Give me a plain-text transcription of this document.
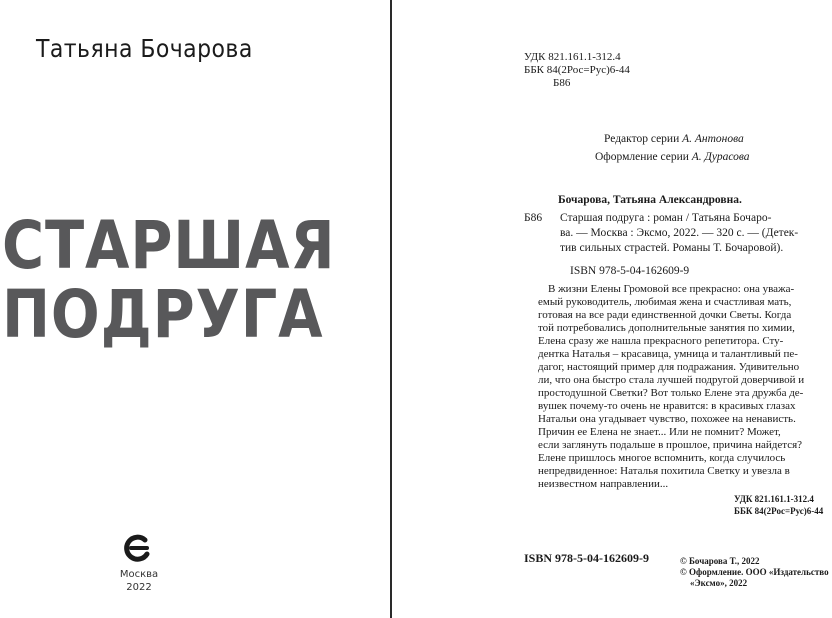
Татьяна Бочарова
СТАРШАЯ
ПОДРУГА
Москва
2022
УДК 821.161.1-312.4
ББК 84(2Рос=Рус)6-44
Б86
Редактор серии А. Антонова
Оформление серии А. Дурасова
Бочарова, Татьяна Александровна.
Б86 Старшая подруга : роман / Татьяна Бочаро-
ва. — Москва : Эксмо, 2022. — 320 с. — (Детек-
тив сильных страстей. Романы Т. Бочаровой).
ISBN 978-5-04-162609-9
В жизни Елены Громовой все прекрасно: она уважа-
емый руководитель, любимая жена и счастливая мать,
готовая на все ради единственной дочки Светы. Когда
той потребовались дополнительные занятия по химии,
Елена сразу же нашла прекрасного репетитора. Сту-
дентка Наталья – красавица, умница и талантливый пе-
дагог, настоящий пример для подражания. Удивительно
ли, что она быстро стала лучшей подругой доверчивой и
простодушной Светки? Вот только Елене эта дружба де-
вушек почему-то очень не нравится: в красивых глазах
Натальи она угадывает чувство, похожее на ненависть.
Причин ее Елена не знает... Или не помнит? Может,
если заглянуть подальше в прошлое, причина найдется?
Елене пришлось многое вспомнить, когда случилось
непредвиденное: Наталья похитила Светку и увезла в
неизвестном направлении...
УДК 821.161.1-312.4
ББК 84(2Рос=Рус)6-44
ISBN 978-5-04-162609-9	© Бочарова Т., 2022
© Оформление. ООО «Издательство
«Эксмо», 2022
